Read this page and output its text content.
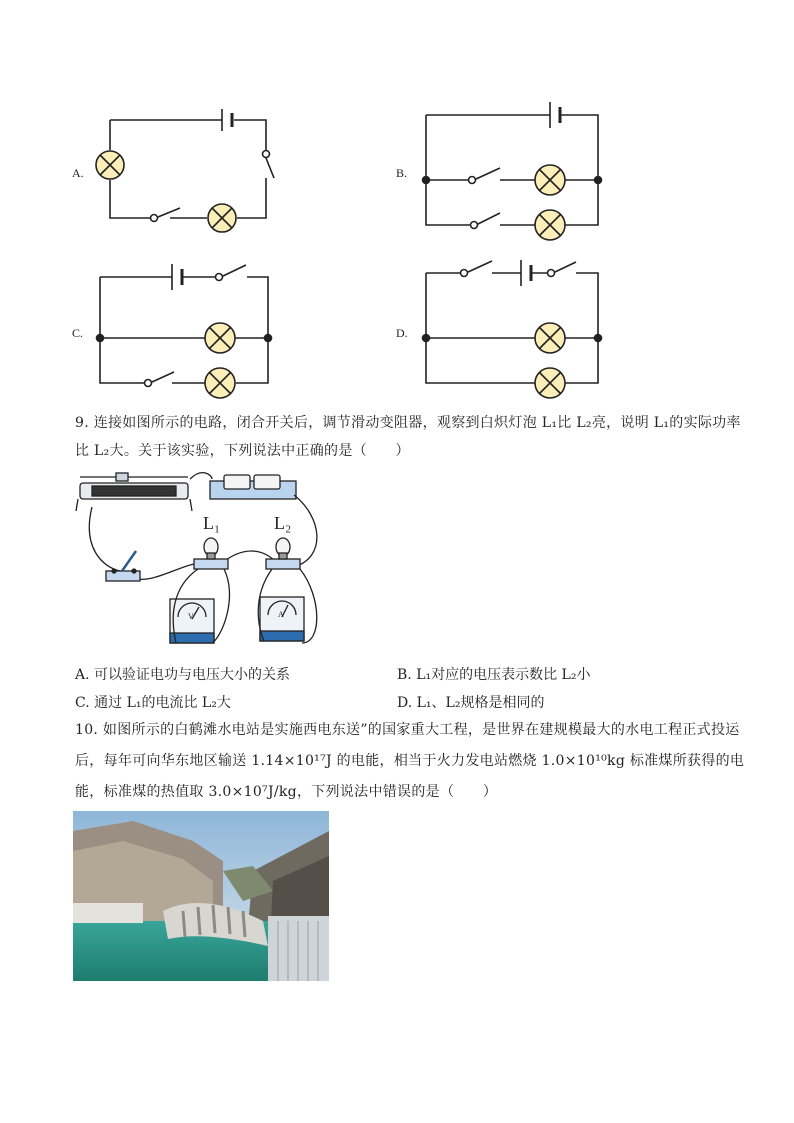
A.	B.
C.	D.
9. 连接如图所示的电路，闭合开关后，调节滑动变阻器，观察到白炽灯泡 L₁比 L₂亮，说明 L₁的实际功率
比 L₂大。关于该实验，下列说法中正确的是（　　）
L₁	L₂
V	A
A. 可以验证电功与电压大小的关系	B. L₁对应的电压表示数比 L₂小
C. 通过 L₁的电流比 L₂大	D. L₁、L₂规格是相同的
10. 如图所示的白鹤滩水电站是实施西电东送”的国家重大工程，是世界在建规模最大的水电工程正式投运
后，每年可向华东地区输送 1.14×10¹⁷J 的电能，相当于火力发电站燃烧 1.0×10¹⁰kg 标准煤所获得的电
能，标准煤的热值取 3.0×10⁷J/kg，下列说法中错误的是（　　）
